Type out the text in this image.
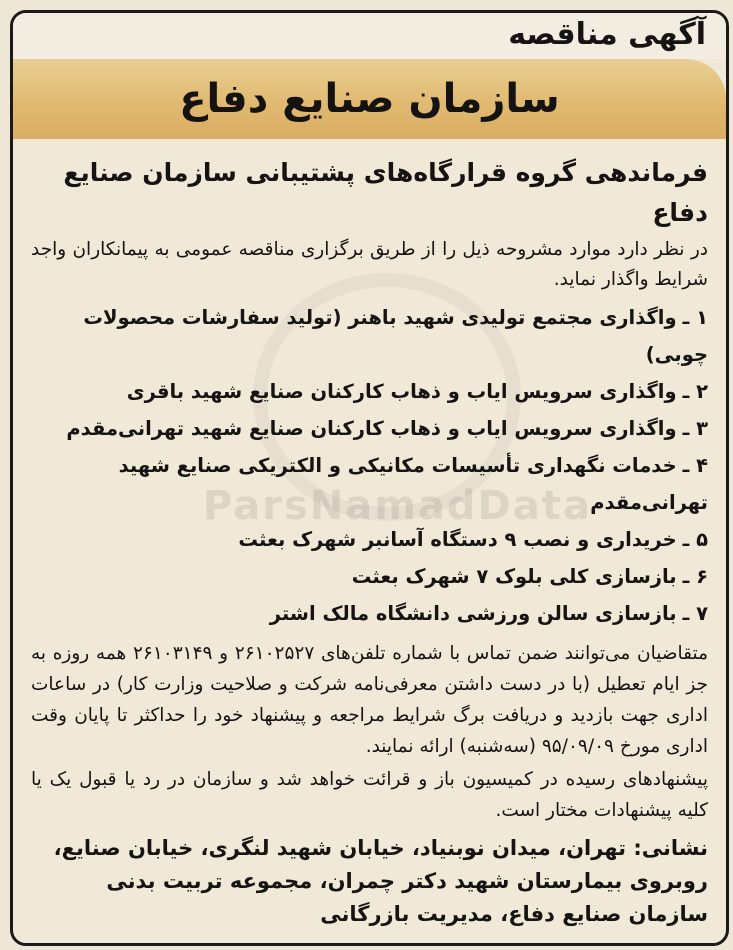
آگهی مناقصه
سازمان صنایع دفاع
ParsNamadData
فرماندهی گروه قرارگاه‌های پشتیبانی سازمان صنایع دفاع

در نظر دارد موارد مشروحه ذیل را از طریق برگزاری مناقصه عمومی به پیمانکاران واجد شرایط واگذار نماید.

۱ ـواگذاری مجتمع تولیدی شهید باهنر (تولید سفارشات محصولات چوبی)
۲ ـواگذاری سرویس ایاب و ذهاب کارکنان صنایع شهید باقری
۳ ـواگذاری سرویس ایاب و ذهاب کارکنان صنایع شهید تهرانی‌مقدم
۴ ـخدمات نگهداری تأسیسات مکانیکی و الکتریکی صنایع شهید تهرانی‌مقدم
۵ ـخریداری و نصب ۹ دستگاه آسانبر شهرک بعثت
۶ ـبازسازی کلی بلوک ۷ شهرک بعثت
۷ ـبازسازی سالن ورزشی دانشگاه مالک اشتر

متقاضیان می‌توانند ضمن تماس با شماره تلفن‌های ۲۶۱۰۲۵۲۷ و ۲۶۱۰۳۱۴۹ همه روزه به جز ایام تعطیل (با در دست داشتن معرفی‌نامه شرکت و صلاحیت وزارت کار) در ساعات اداری جهت بازدید و دریافت برگ شرایط مراجعه و پیشنهاد خود را حداکثر تا پایان وقت اداری مورخ ۹۵/۰۹/۰۹ (سه‌شنبه) ارائه نمایند.

پیشنهادهای رسیده در کمیسیون باز و قرائت خواهد شد و سازمان در رد یا قبول یک یا کلیه پیشنهادات مختار است.

نشانی: تهران، میدان نوبنیاد، خیابان شهید لنگری، خیابان صنایع، روبروی بیمارستان شهید دکتر چمران، مجموعه تربیت بدنی سازمان صنایع دفاع، مدیریت بازرگانی
